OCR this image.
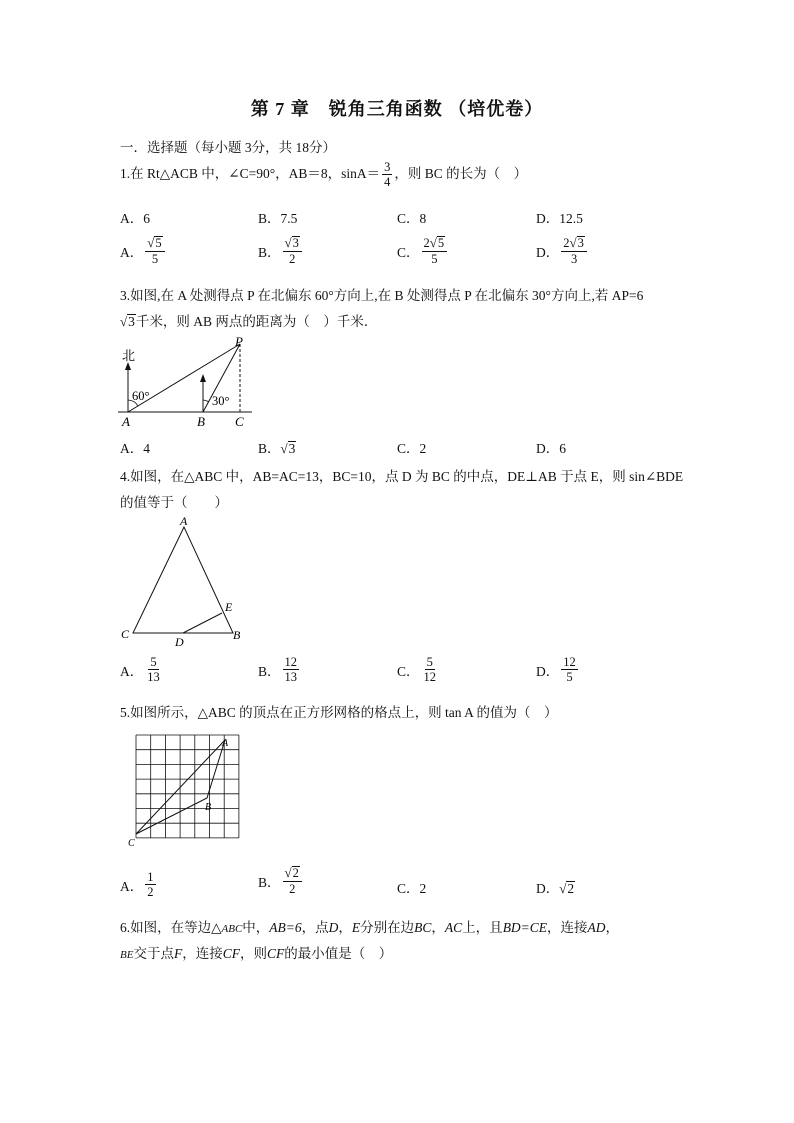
第 7 章　锐角三角函数 （培优卷）
一．选择题（每小题 3分，共 18分）
1.在 Rt△ACB 中，∠C=90°，AB＝8，$\sin A= \frac{3}{4}$ ，则 BC 的长为（　）
A．6	B．7.5	C．8	D．12.5
A． $\frac{√5}{5}$	B． $\frac{√3}{2}$	C． $\frac{2√5}{5}$	D． $\frac{2√3}{3}$
3.如图,在 A 处测得点 P 在北偏东 60°方向上,在 B 处测得点 P 在北偏东 30°方向上,若 AP=6
√3千米，则 AB 两点的距离为（　）千米．
北
60°	30°
A	B C
P
A．4	B．√3	C．2	D．6
4.如图，在△ABC 中，AB=AC=13，BC=10，点 D 为 BC 的中点，DE⊥AB 于点 E，则 sin∠BDE
的值等于（　　）
A
C	B
D
E
A． $\frac{5}{13}$	B． $\frac{12}{13}$	C． $\frac{5}{12}$	D． $\frac{12}{5}$
5.如图所示，△ABC 的顶点在正方形网格的格点上，则 tan A 的值为（　）
A
B
C
A． $\frac{1}{2}$	B． $\frac{√2}{2}$	C．2	D．√2
6.如图，在等边△ABC中，AB=6，点D，E分别在边BC，AC上，且BD=CE，连接AD，
BE交于点F，连接CF，则CF的最小值是（　）
